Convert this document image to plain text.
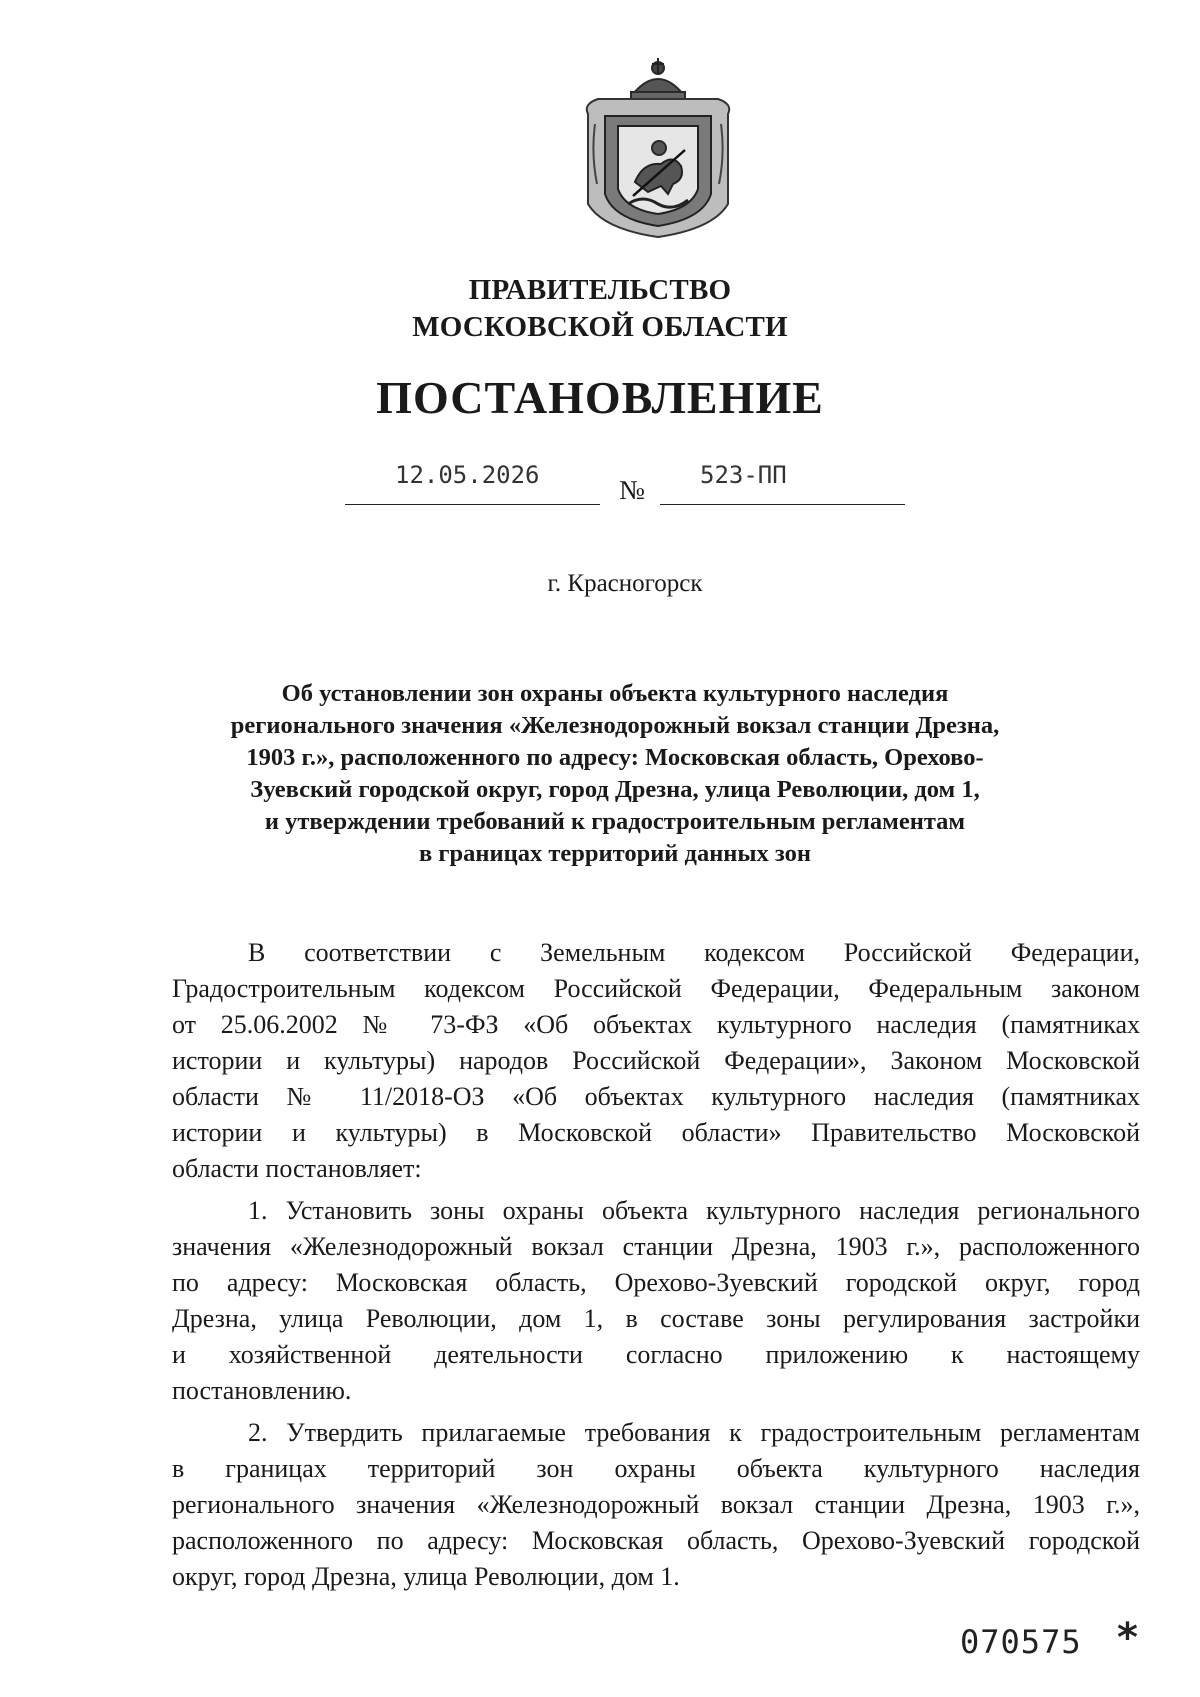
ПРАВИТЕЛЬСТВО
МОСКОВСКОЙ ОБЛАСТИ
ПОСТАНОВЛЕНИЕ
12.05.2026	№	523-ПП
г. Красногорск
Об установлении зон охраны объекта культурного наследия
регионального значения «Железнодорожный вокзал станции Дрезна,
1903 г.», расположенного по адресу: Московская область, Орехово-
Зуевский городской округ, город Дрезна, улица Революции, дом 1,
и утверждении требований к градостроительным регламентам
в границах территорий данных зон
В соответствии с Земельным кодексом Российской Федерации,
Градостроительным кодексом Российской Федерации, Федеральным законом
от 25.06.2002 № 73-ФЗ «Об объектах культурного наследия (памятниках
истории и культуры) народов Российской Федерации», Законом Московской
области № 11/2018-ОЗ «Об объектах культурного наследия (памятниках
истории и культуры) в Московской области» Правительство Московской
области постановляет:
1. Установить зоны охраны объекта культурного наследия регионального
значения «Железнодорожный вокзал станции Дрезна, 1903 г.», расположенного
по адресу: Московская область, Орехово-Зуевский городской округ, город
Дрезна, улица Революции, дом 1, в составе зоны регулирования застройки
и хозяйственной деятельности согласно приложению к настоящему
постановлению.
2. Утвердить прилагаемые требования к градостроительным регламентам
в границах территорий зон охраны объекта культурного наследия
регионального значения «Железнодорожный вокзал станции Дрезна, 1903 г.»,
расположенного по адресу: Московская область, Орехово-Зуевский городской
округ, город Дрезна, улица Революции, дом 1.
070575 *
